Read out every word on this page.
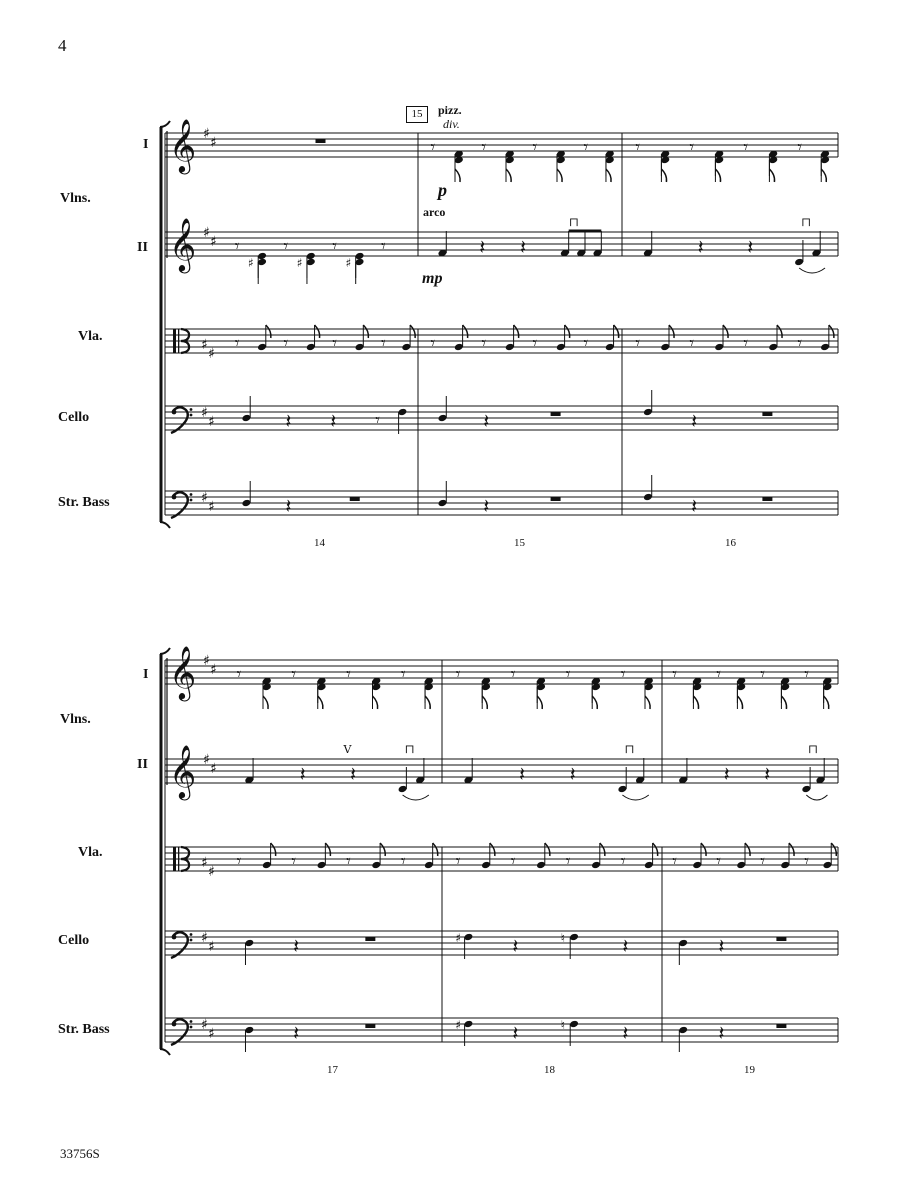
4
33756S
I
Vlns.
II
Vla.
Cello
Str. Bass
I
Vlns.
II
Vla.
Cello
Str. Bass
14	15	16
17	18	19
15	pizz.
div.
p
arco
mp
𝄞 ♯
♯
𝄞 ♯
♯
♯
♯
♯
♯
♯
♯
𝄾
♯
𝄾
♯
𝄾
♯
𝄾
𝄾 𝄾 𝄾 𝄾
𝄽 𝄽 𝄾
𝄽
𝄾	𝄾	𝄾	𝄾
𝄽 𝄽
⊓
𝄾	𝄾	𝄾	𝄾
𝄽
𝄽
𝄾	𝄾	𝄾	𝄾
𝄽 𝄽
⊓
𝄾	𝄾	𝄾	𝄾
𝄽
𝄽
𝄞 ♯
♯
𝄞 ♯
♯
♯
♯
♯
♯
♯
♯
𝄾	𝄾	𝄾	𝄾
𝄽 𝄽
V	⊓
𝄾	𝄾	𝄾	𝄾
𝄽
𝄽
𝄾	𝄾	𝄾	𝄾
𝄽 𝄽
⊓
𝄾	𝄾	𝄾	𝄾
𝄽	𝄽
♯	♮
𝄽	𝄽
♯	♮
𝄾 𝄾 𝄾 𝄾
𝄽 𝄽
⊓
𝄾 𝄾 𝄾 𝄾
𝄽
𝄽
